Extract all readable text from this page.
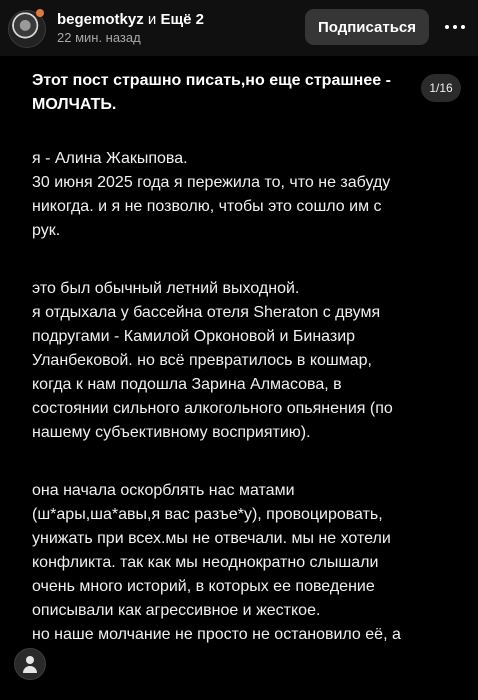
begemotkyz и Ещё 2
22 мин. назад
Подписаться
Этот пост страшно писать,но еще страшнее - МОЛЧАТЬ.
1/16
я - Алина Жакыпова.
30 июня 2025 года я пережила то, что не забуду
никогда. и я не позволю, чтобы это сошло им с
рук.
это был обычный летний выходной.
я отдыхала у бассейна отеля Sheraton с двумя
подругами - Камилой Орконовой и Биназир
Уланбековой. но всё превратилось в кошмар,
когда к нам подошла Зарина Алмасова, в
состоянии сильного алкогольного опьянения (по
нашему субъективному восприятию).
она начала оскорблять нас матами
(ш*ары,ша*авы,я вас разъе*у), провоцировать,
унижать при всех.мы не отвечали. мы не хотели
конфликта. так как мы неоднократно слышали
очень много историй, в которых ее поведение
описывали как агрессивное и жесткое.
но наше молчание не просто не остановило её, а
